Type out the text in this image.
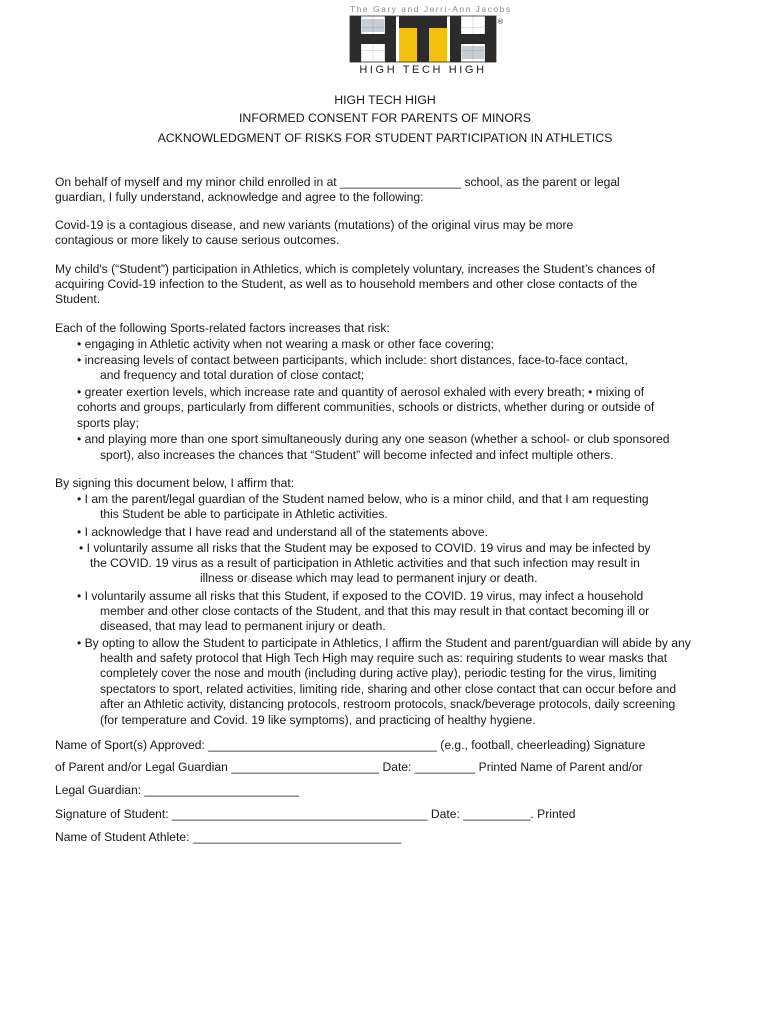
The Gary and Jerri-Ann Jacobs
®
HIGH TECH HIGH
HIGH TECH HIGH
INFORMED CONSENT FOR PARENTS OF MINORS
ACKNOWLEDGMENT OF RISKS FOR STUDENT PARTICIPATION IN ATHLETICS
On behalf of myself and my minor child enrolled in at __________________ school, as the parent or legal
guardian, I fully understand, acknowledge and agree to the following:
Covid-19 is a contagious disease, and new variants (mutations) of the original virus may be more
contagious or more likely to cause serious outcomes.
My child's (“Student”) participation in Athletics, which is completely voluntary, increases the Student’s chances of
acquiring Covid-19 infection to the Student, as well as to household members and other close contacts of the
Student.
Each of the following Sports-related factors increases that risk:
• engaging in Athletic activity when not wearing a mask or other face covering;
• increasing levels of contact between participants, which include: short distances, face-to-face contact,
and frequency and total duration of close contact;
• greater exertion levels, which increase rate and quantity of aerosol exhaled with every breath; • mixing of
cohorts and groups, particularly from different communities, schools or districts, whether during or outside of
sports play;
• and playing more than one sport simultaneously during any one season (whether a school- or club sponsored
sport), also increases the chances that “Student” will become infected and infect multiple others.
By signing this document below, I affirm that:
• I am the parent/legal guardian of the Student named below, who is a minor child, and that I am requesting
this Student be able to participate in Athletic activities.
• I acknowledge that I have read and understand all of the statements above.
• I voluntarily assume all risks that the Student may be exposed to COVID. 19 virus and may be infected by
the COVID. 19 virus as a result of participation in Athletic activities and that such infection may result in
illness or disease which may lead to permanent injury or death.
• I voluntarily assume all risks that this Student, if exposed to the COVID. 19 virus, may infect a household
member and other close contacts of the Student, and that this may result in that contact becoming ill or
diseased, that may lead to permanent injury or death.
• By opting to allow the Student to participate in Athletics, I affirm the Student and parent/guardian will abide by any
health and safety protocol that High Tech High may require such as: requiring students to wear masks that
completely cover the nose and mouth (including during active play), periodic testing for the virus, limiting
spectators to sport, related activities, limiting ride, sharing and other close contact that can occur before and
after an Athletic activity, distancing protocols, restroom protocols, snack/beverage protocols, daily screening
(for temperature and Covid. 19 like symptoms), and practicing of healthy hygiene.
Name of Sport(s) Approved: __________________________________ (e.g., football, cheerleading) Signature
of Parent and/or Legal Guardian ______________________ Date: _________ Printed Name of Parent and/or
Legal Guardian: _______________________
Signature of Student: ______________________________________ Date: __________. Printed
Name of Student Athlete: _______________________________
